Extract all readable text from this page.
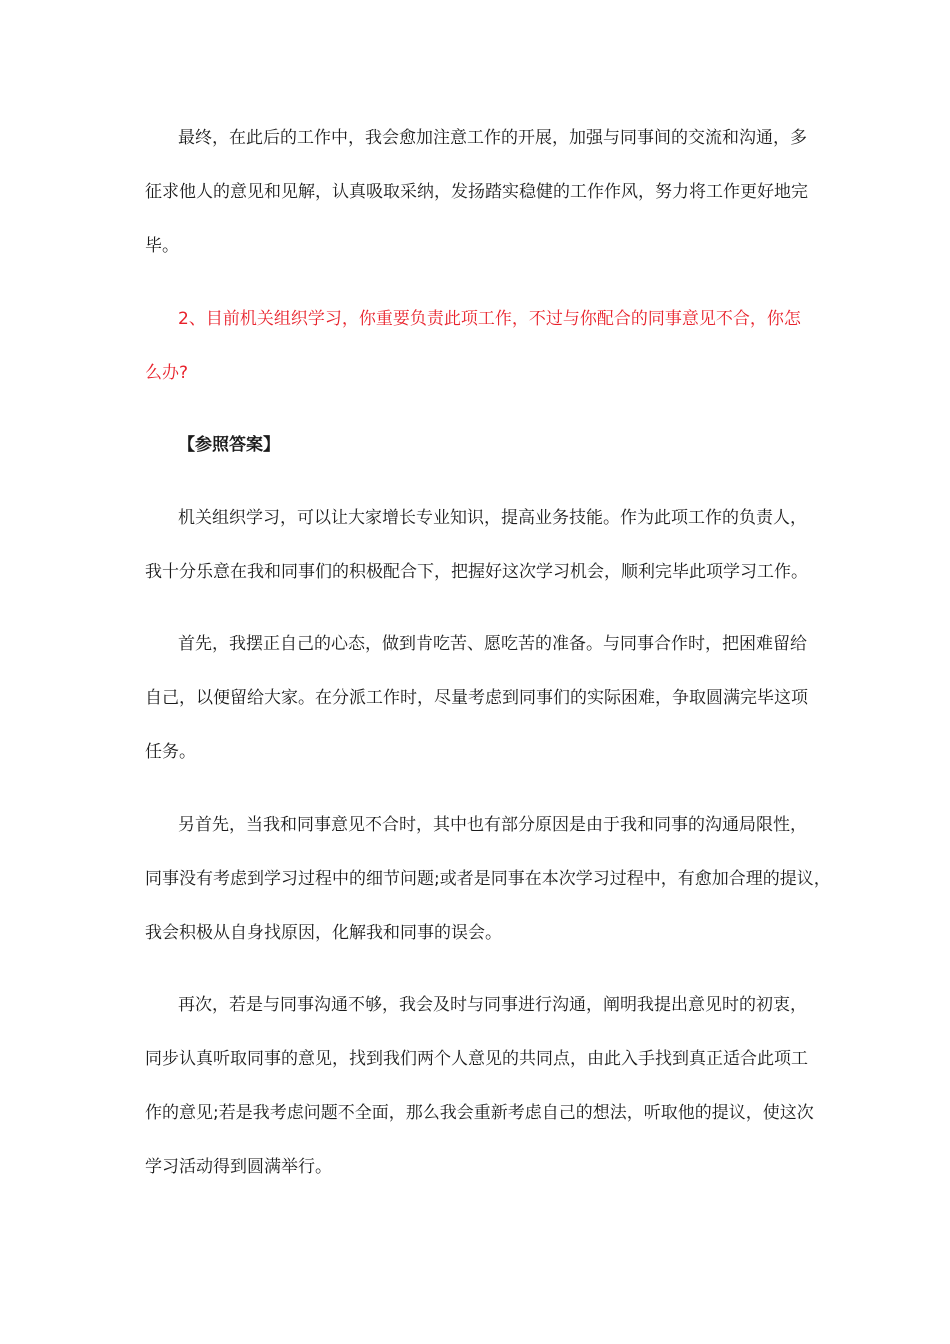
最终，在此后的工作中，我会愈加注意工作的开展，加强与同事间的交流和沟通，多
征求他人的意见和见解，认真吸取采纳，发扬踏实稳健的工作作风，努力将工作更好地完
毕。
2、目前机关组织学习，你重要负责此项工作，不过与你配合的同事意见不合，你怎
么办?
【参照答案】
机关组织学习，可以让大家增长专业知识，提高业务技能。作为此项工作的负责人，
我十分乐意在我和同事们的积极配合下，把握好这次学习机会，顺利完毕此项学习工作。
首先，我摆正自己的心态，做到肯吃苦、愿吃苦的准备。与同事合作时，把困难留给
自己，以便留给大家。在分派工作时，尽量考虑到同事们的实际困难，争取圆满完毕这项
任务。
另首先，当我和同事意见不合时，其中也有部分原因是由于我和同事的沟通局限性，
同事没有考虑到学习过程中的细节问题;或者是同事在本次学习过程中，有愈加合理的提议，
我会积极从自身找原因，化解我和同事的误会。
再次，若是与同事沟通不够，我会及时与同事进行沟通，阐明我提出意见时的初衷，
同步认真听取同事的意见，找到我们两个人意见的共同点，由此入手找到真正适合此项工
作的意见;若是我考虑问题不全面，那么我会重新考虑自己的想法，听取他的提议，使这次
学习活动得到圆满举行。
